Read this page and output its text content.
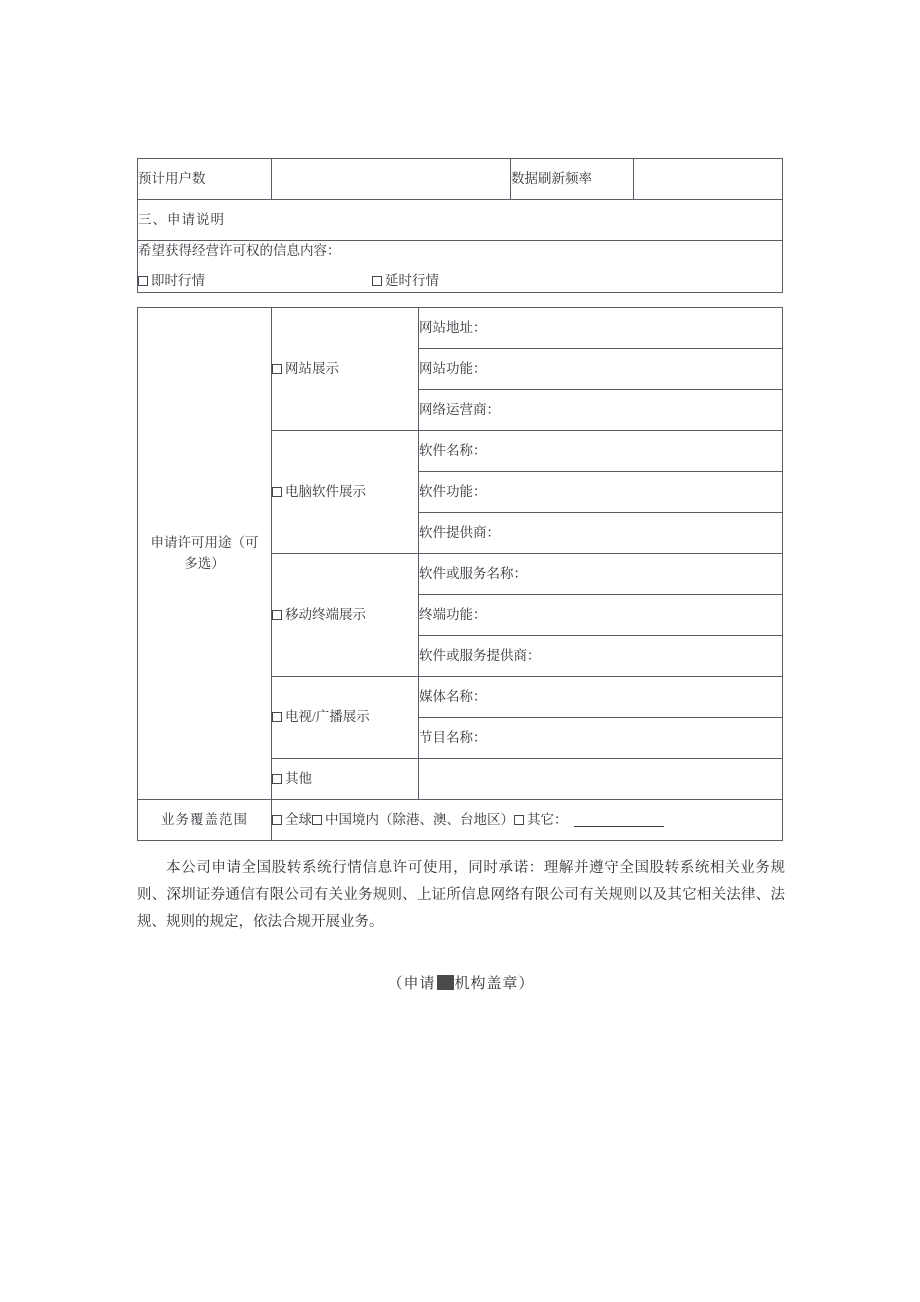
预计用户数		数据刷新频率	
三、申请说明

希望获得经营许可权的信息内容：
即时行情	延时行情
申请许可用途（可
多选）	网站展示	网站地址：
		网站功能：
		网络运营商：
	电脑软件展示	软件名称：
		软件功能：
		软件提供商：
	移动终端展示	软件或服务名称：
		终端功能：
		软件或服务提供商：
	电视/广播展示	媒体名称：
		节目名称：
	其他	
业务覆盖范围	全球 中国境内（除港、澳、台地区） 其它：	
本公司申请全国股转系统行情信息许可使用，同时承诺：理解并遵守全国股转系统相关业务规则、深圳证券通信有限公司有关业务规则、上证所信息网络有限公司有关规则以及其它相关法律、法规、规则的规定，依法合规开展业务。
（申请 机构盖章）
